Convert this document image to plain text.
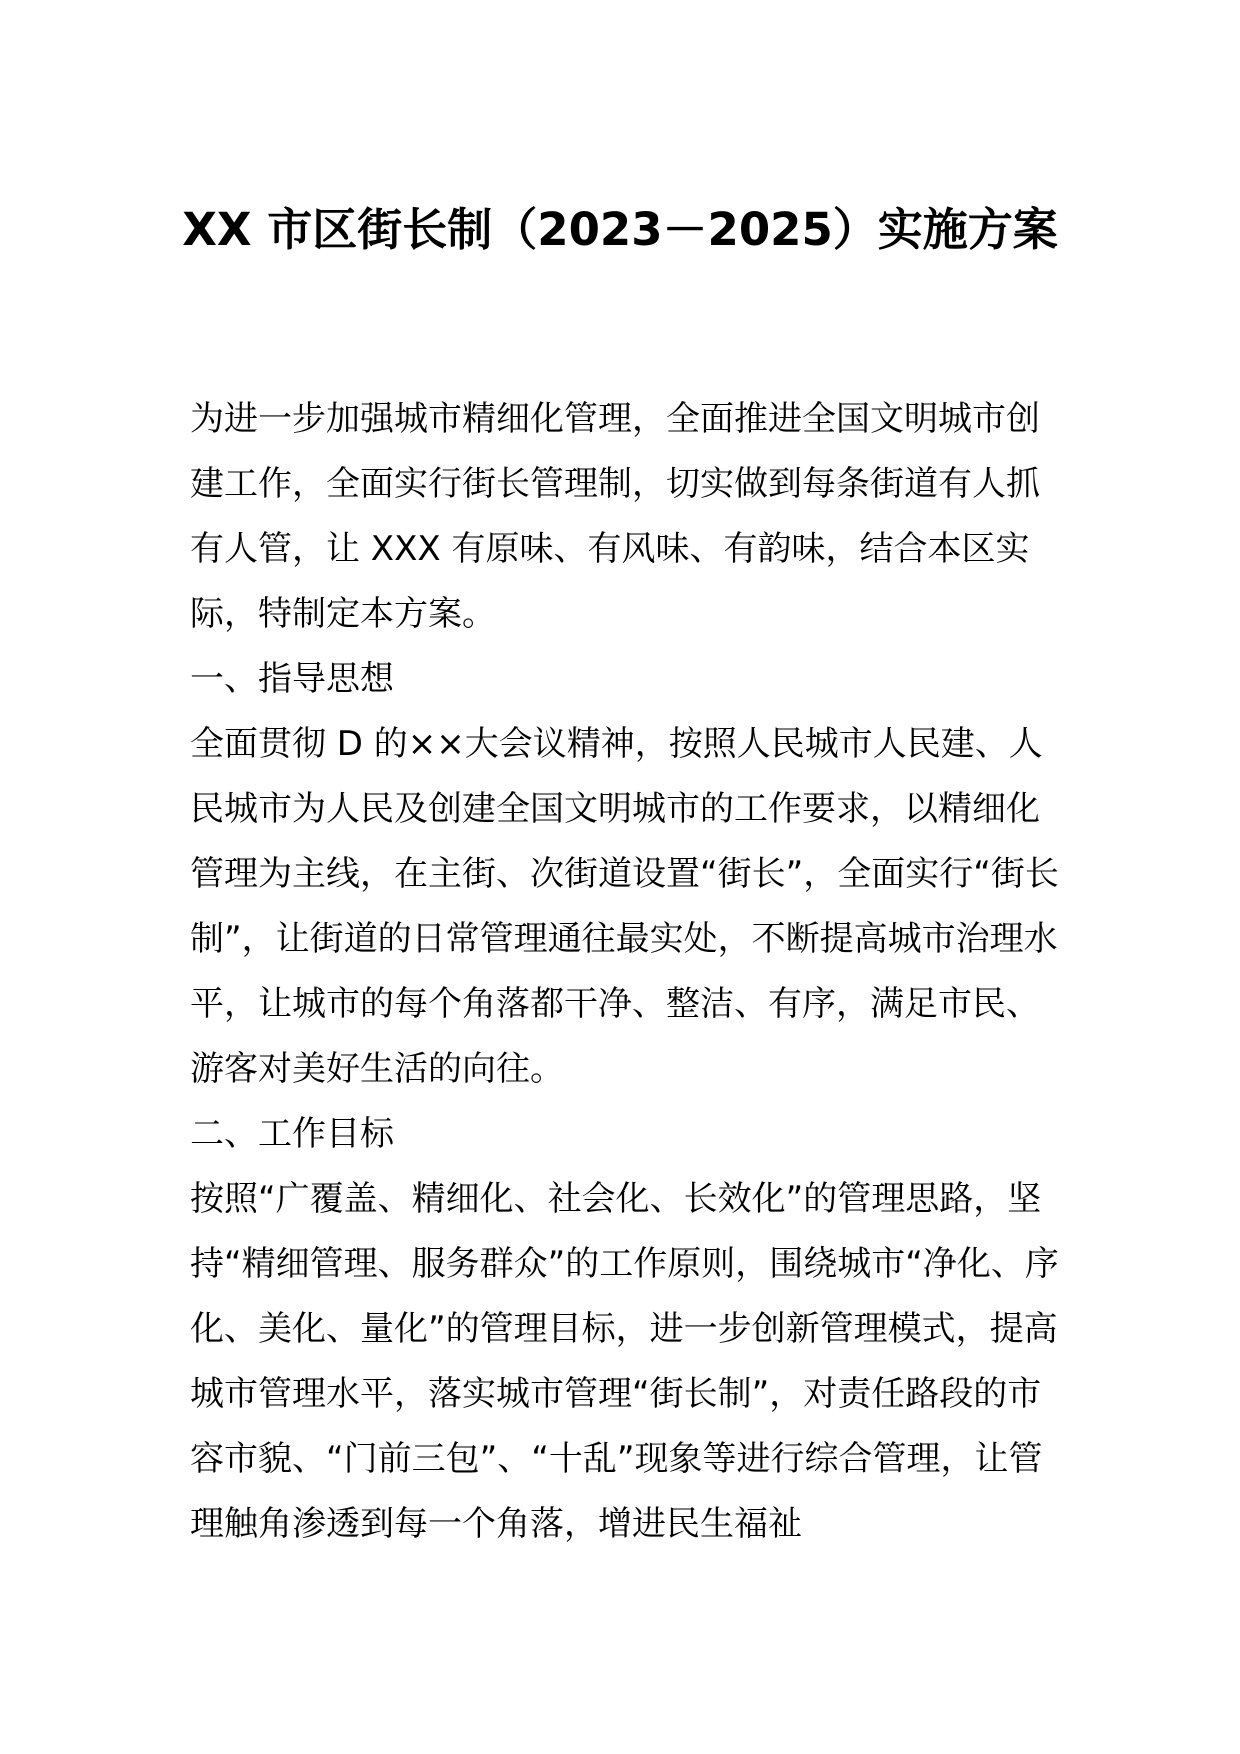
XX 市区街长制（2023－2025）实施方案

为进一步加强城市精细化管理，全面推进全国文明城市创建工作，全面实行街长管理制，切实做到每条街道有人抓有人管，让 XXX 有原味、有风味、有韵味，结合本区实际，特制定本方案。

一、指导思想

全面贯彻 D 的××大会议精神，按照人民城市人民建、人民城市为人民及创建全国文明城市的工作要求，以精细化管理为主线，在主街、次街道设置“街长”，全面实行“街长制”，让街道的日常管理通往最实处，不断提高城市治理水平，让城市的每个角落都干净、整洁、有序，满足市民、游客对美好生活的向往。

二、工作目标

按照“广覆盖、精细化、社会化、长效化”的管理思路，坚持“精细管理、服务群众”的工作原则，围绕城市“净化、序化、美化、量化”的管理目标，进一步创新管理模式，提高城市管理水平，落实城市管理“街长制”，对责任路段的市容市貌、“门前三包”、“十乱”现象等进行综合管理，让管理触角渗透到每一个角落，增进民生福祉
